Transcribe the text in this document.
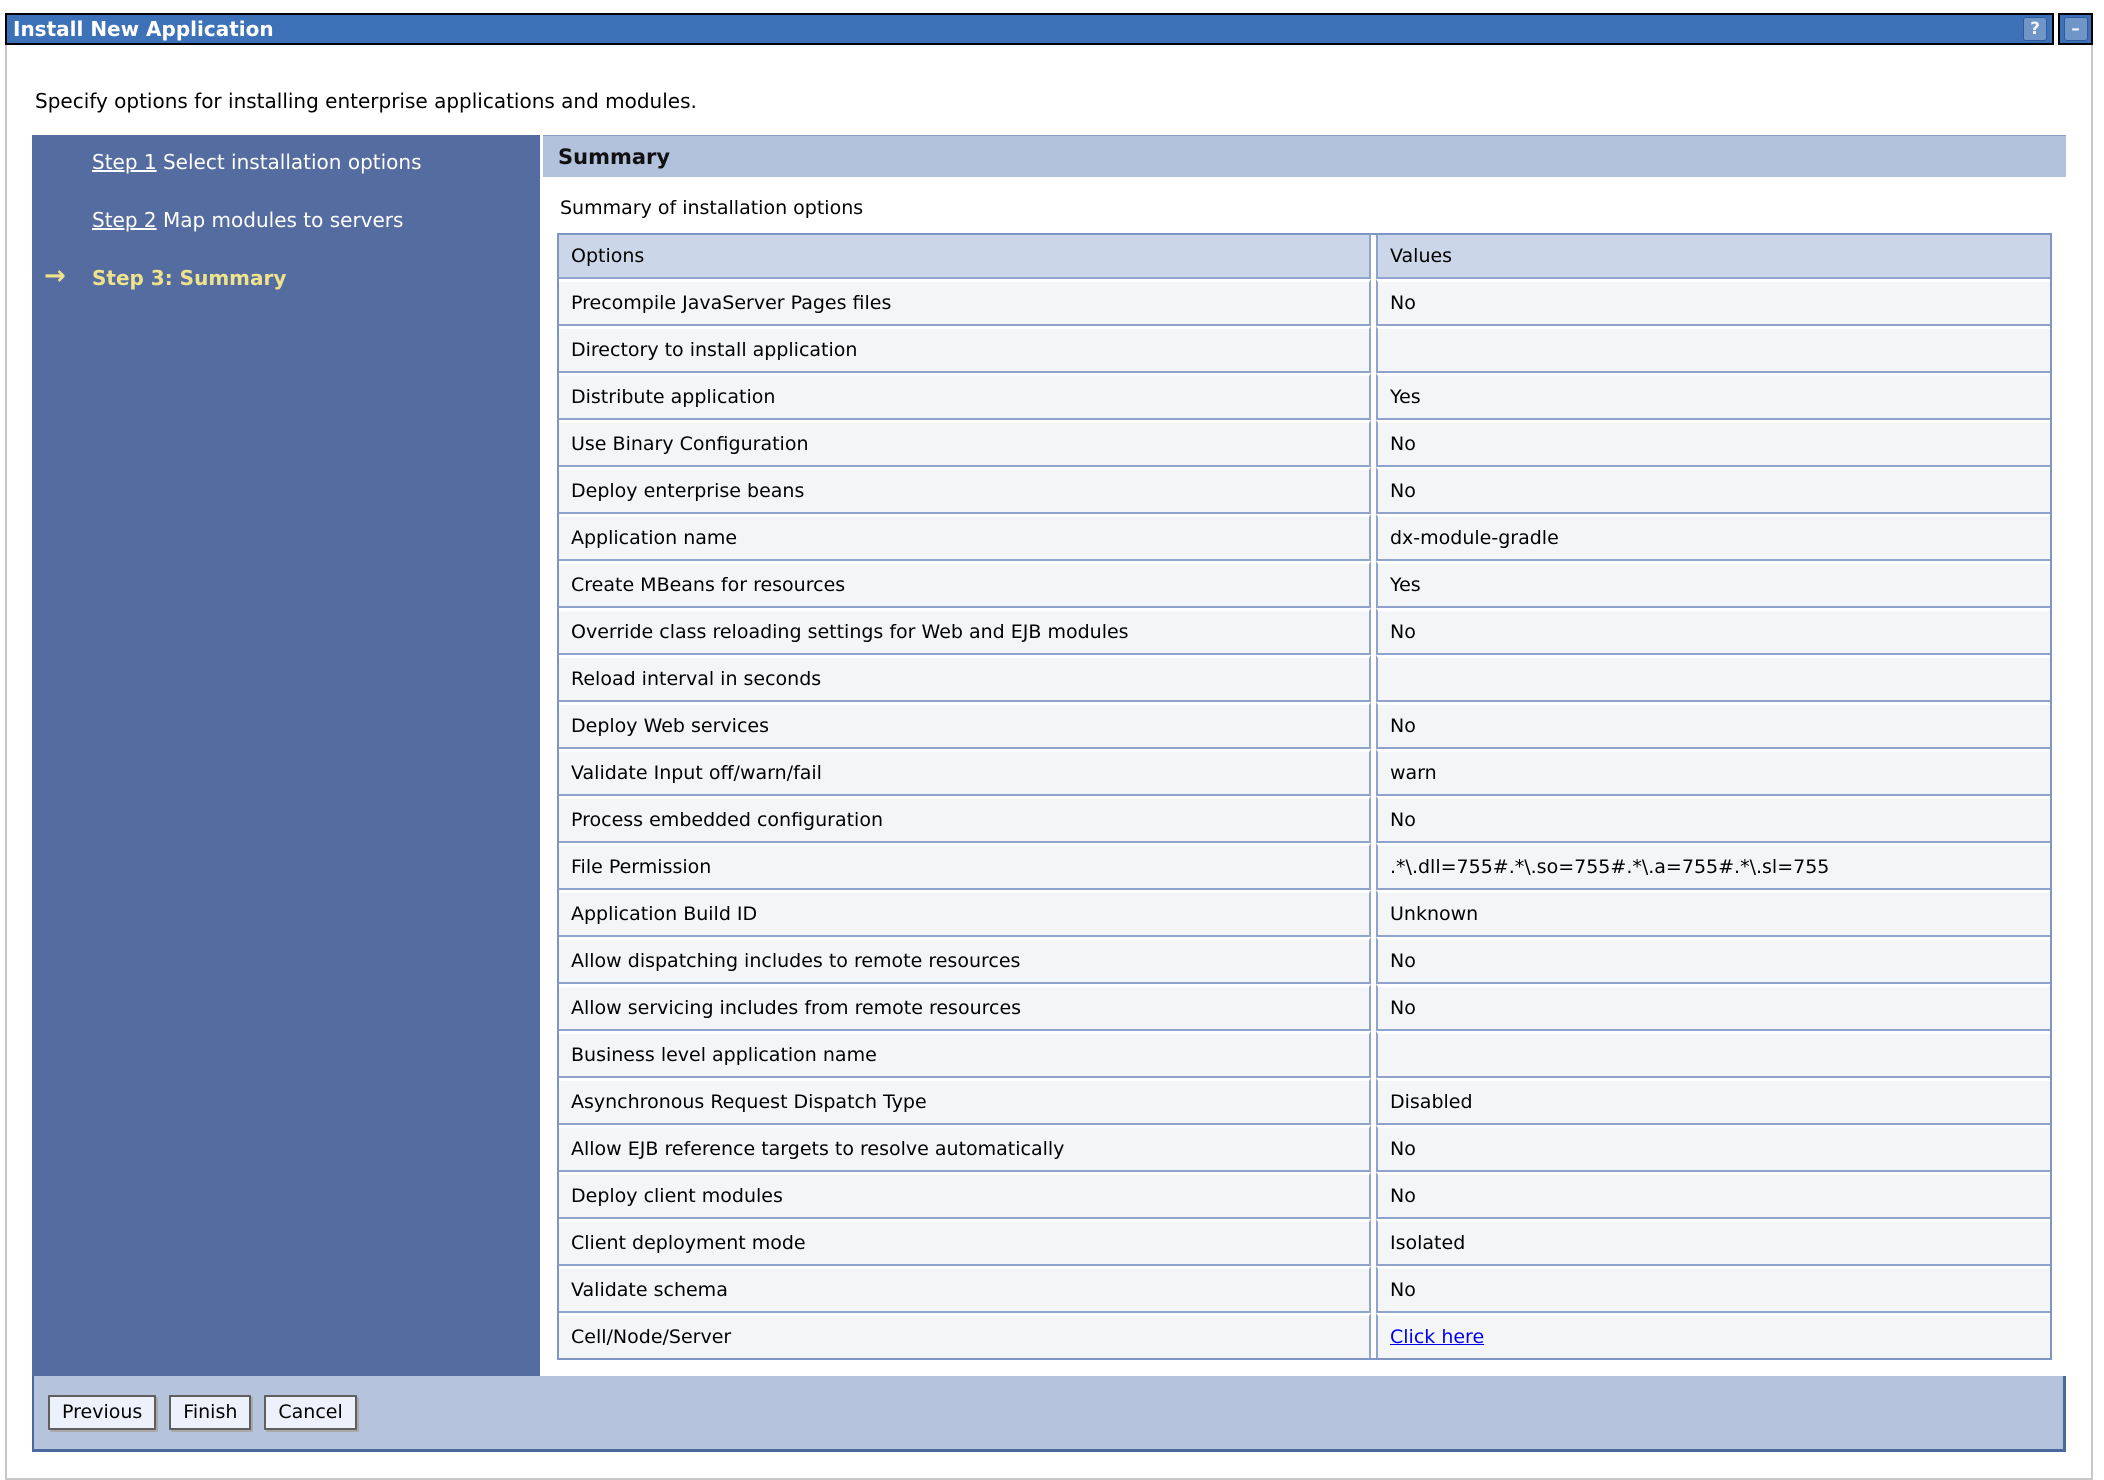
Install New Application	?	–

Specify options for installing enterprise applications and modules.

Step 1 Select installation options
Step 2 Map modules to servers
→ Step 3: Summary
Summary

Summary of installation options

Options		Values
Precompile JavaServer Pages files		No
Directory to install application		
Distribute application		Yes
Use Binary Configuration		No
Deploy enterprise beans		No
Application name		dx-module-gradle
Create MBeans for resources		Yes
Override class reloading settings for Web and EJB modules		No
Reload interval in seconds		
Deploy Web services		No
Validate Input off/warn/fail		warn
Process embedded configuration		No
File Permission		.*\.dll=755#.*\.so=755#.*\.a=755#.*\.sl=755
Application Build ID		Unknown
Allow dispatching includes to remote resources		No
Allow servicing includes from remote resources		No
Business level application name		
Asynchronous Request Dispatch Type		Disabled
Allow EJB reference targets to resolve automatically		No
Deploy client modules		No
Client deployment mode		Isolated
Validate schema		No
Cell/Node/Server		Click here
Previous	Finish	Cancel
